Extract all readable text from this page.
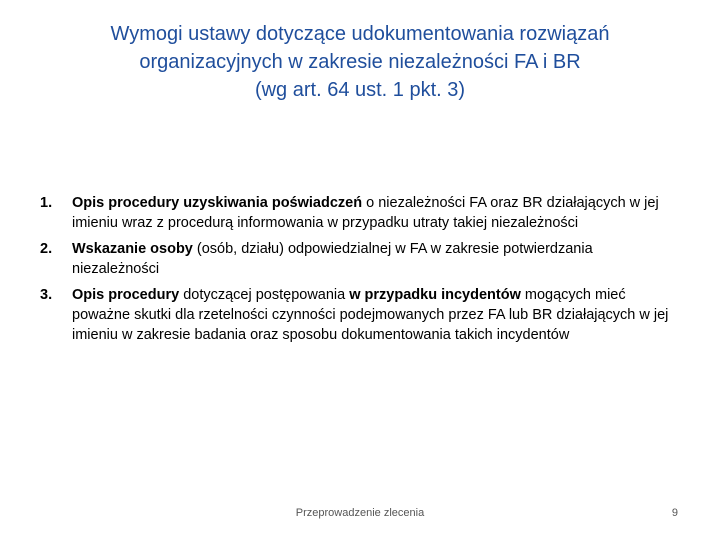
Wymogi ustawy dotyczące udokumentowania rozwiązań
organizacyjnych w zakresie niezależności FA i BR
(wg art. 64 ust. 1 pkt. 3)
1. Opis procedury uzyskiwania poświadczeń o niezależności FA oraz BR działających w jej imieniu wraz z procedurą informowania w przypadku utraty takiej niezależności
2. Wskazanie osoby (osób, działu) odpowiedzialnej w FA w zakresie potwierdzania niezależności
3. Opis procedury dotyczącej postępowania w przypadku incydentów mogących mieć poważne skutki dla rzetelności czynności podejmowanych przez FA lub BR działających w jej imieniu w zakresie badania oraz sposobu dokumentowania takich incydentów
Przeprowadzenie zlecenia	9
